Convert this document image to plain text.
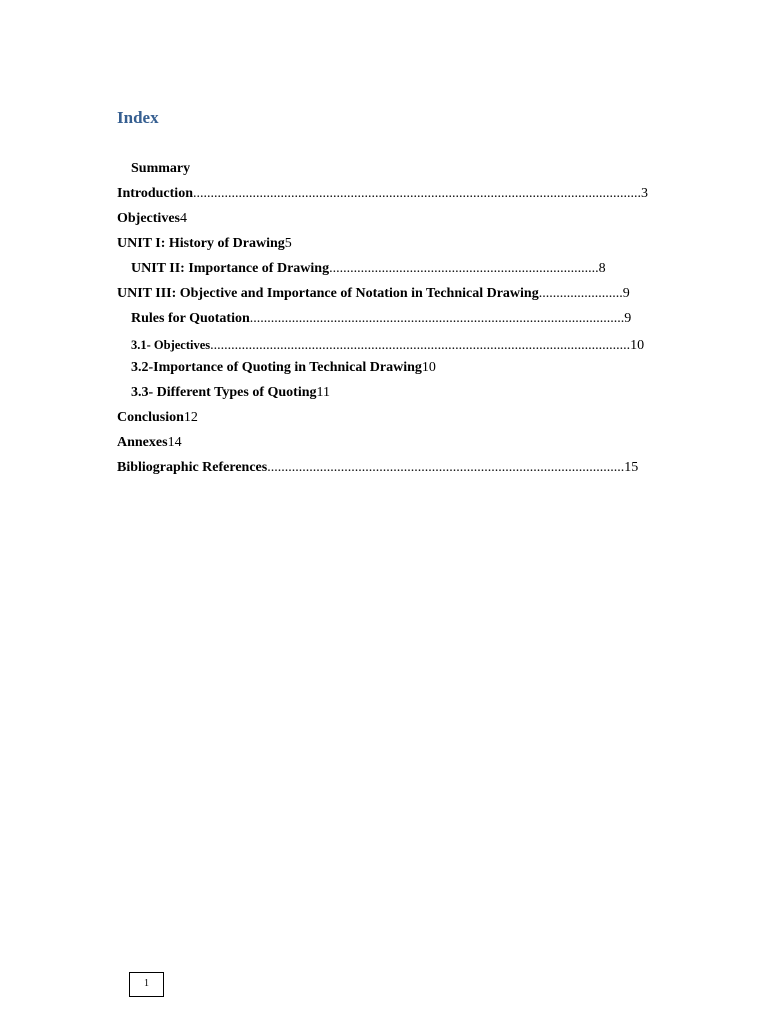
Index
Summary
Introduction................................................................................................................................3
Objectives4
UNIT I: History of Drawing5
UNIT II: Importance of Drawing.............................................................................8
UNIT III: Objective and Importance of Notation in Technical Drawing........................9
Rules for Quotation...........................................................................................................9
3.1- Objectives........................................................................................................................10
3.2-Importance of Quoting in Technical Drawing10
3.3- Different Types of Quoting11
Conclusion12
Annexes14
Bibliographic References......................................................................................................15
1
